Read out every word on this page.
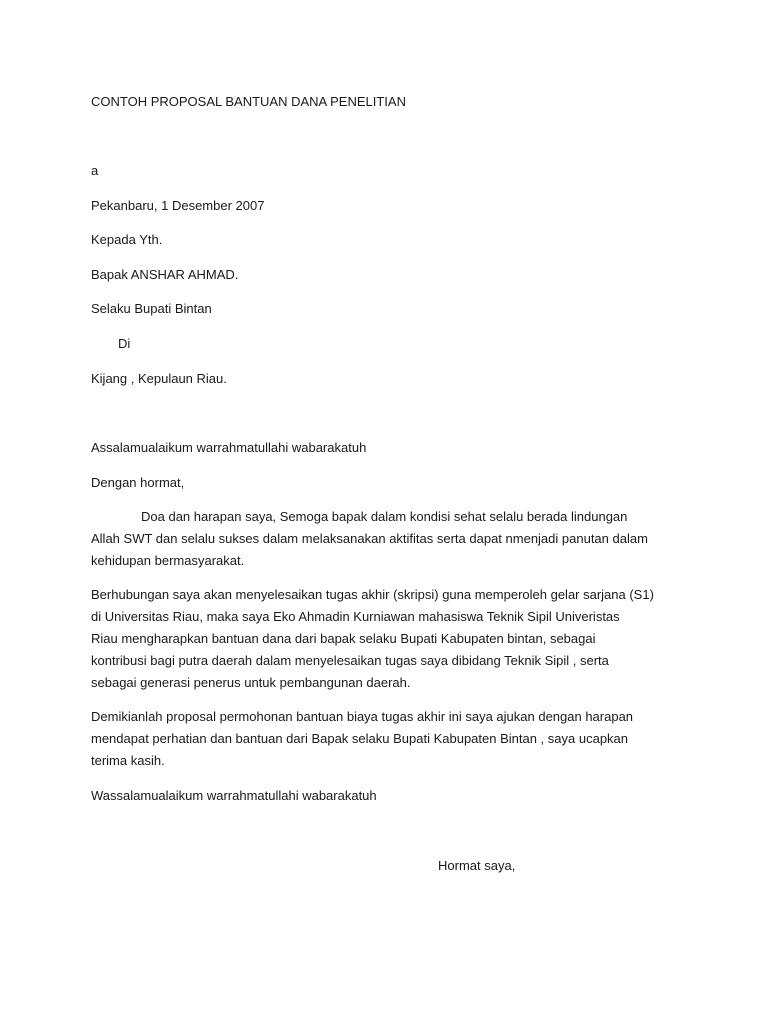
CONTOH PROPOSAL BANTUAN DANA PENELITIAN
a
Pekanbaru, 1 Desember 2007
Kepada Yth.
Bapak ANSHAR AHMAD.
Selaku Bupati Bintan
Di
Kijang , Kepulaun Riau.
Assalamualaikum warrahmatullahi wabarakatuh
Dengan hormat,
Doa dan harapan saya, Semoga bapak dalam kondisi sehat selalu berada lindungan
Allah SWT dan selalu sukses dalam melaksanakan aktifitas serta dapat nmenjadi panutan dalam
kehidupan bermasyarakat.
Berhubungan saya akan menyelesaikan tugas akhir (skripsi) guna memperoleh gelar sarjana (S1)
di Universitas Riau, maka saya Eko Ahmadin Kurniawan mahasiswa Teknik Sipil Univeristas
Riau mengharapkan bantuan dana dari bapak selaku Bupati Kabupaten bintan, sebagai
kontribusi bagi putra daerah dalam menyelesaikan tugas saya dibidang Teknik Sipil , serta
sebagai generasi penerus untuk pembangunan daerah.
Demikianlah proposal permohonan bantuan biaya tugas akhir ini saya ajukan dengan harapan
mendapat perhatian dan bantuan dari Bapak selaku Bupati Kabupaten Bintan , saya ucapkan
terima kasih.
Wassalamualaikum warrahmatullahi wabarakatuh
Hormat saya,
